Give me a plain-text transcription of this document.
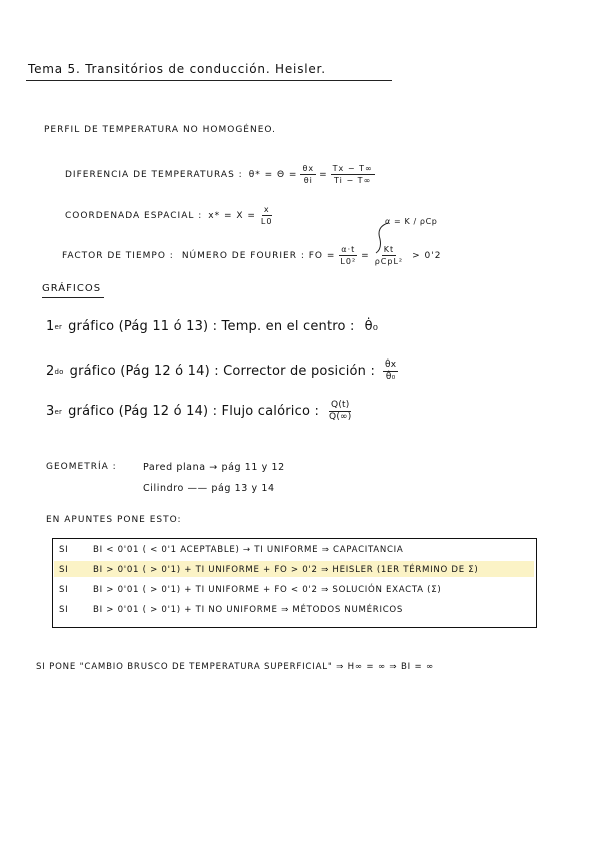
Tema 5. Transitórios de conducción. Heisler.
PERFIL DE TEMPERATURA NO HOMOGÉNEO.
DIFERENCIA DE TEMPERATURAS : $\theta* = \Theta = \frac{\theta x}{\theta i} = \frac{Tx - T\infty}{Ti - T\infty}$
COORDENADA ESPACIAL : $x* = X = \frac{x}{L0}$	α = K / ρCp
FACTOR DE TIEMPO : NÚMERO DE FOURIER : FO = $\frac{\alpha\cdot t}{\text{L0²}} = \frac{Kt}{\text{ρCpL²}} > 0'2$
GRÁFICOS
1 er gráfico (Pág 11 ó 13) : Temp. en el centro : θ̇₀
2 do gráfico (Pág 12 ó 14) : Corrector de posición : $\frac{\thetȧx}{\text{θ̇₀}}$
3 er gráfico (Pág 12 ó 14) : Flujo calórico : $\frac{Q(t)}{Q(\infty)}$
GEOMETRÍA :	Pared plana → pág 11 y 12
Cilindro —— pág 13 y 14
EN APUNTES PONE ESTO:
SI	BI < 0'01 ( < 0'1 ACEPTABLE) → TI UNIFORME ⇒ CAPACITANCIA
SI	BI > 0'01 ( > 0'1) + TI UNIFORME + FO > 0'2 ⇒ HEISLER (1ER TÉRMINO DE Σ)
SI	BI > 0'01 ( > 0'1) + TI UNIFORME + FO < 0'2 ⇒ SOLUCIÓN EXACTA (Σ)
SI	BI > 0'01 ( > 0'1) + TI NO UNIFORME ⇒ MÉTODOS NUMÉRICOS
SI PONE "CAMBIO BRUSCO DE TEMPERATURA SUPERFICIAL" ⇒ H∞ = ∞ ⇒ BI = ∞
